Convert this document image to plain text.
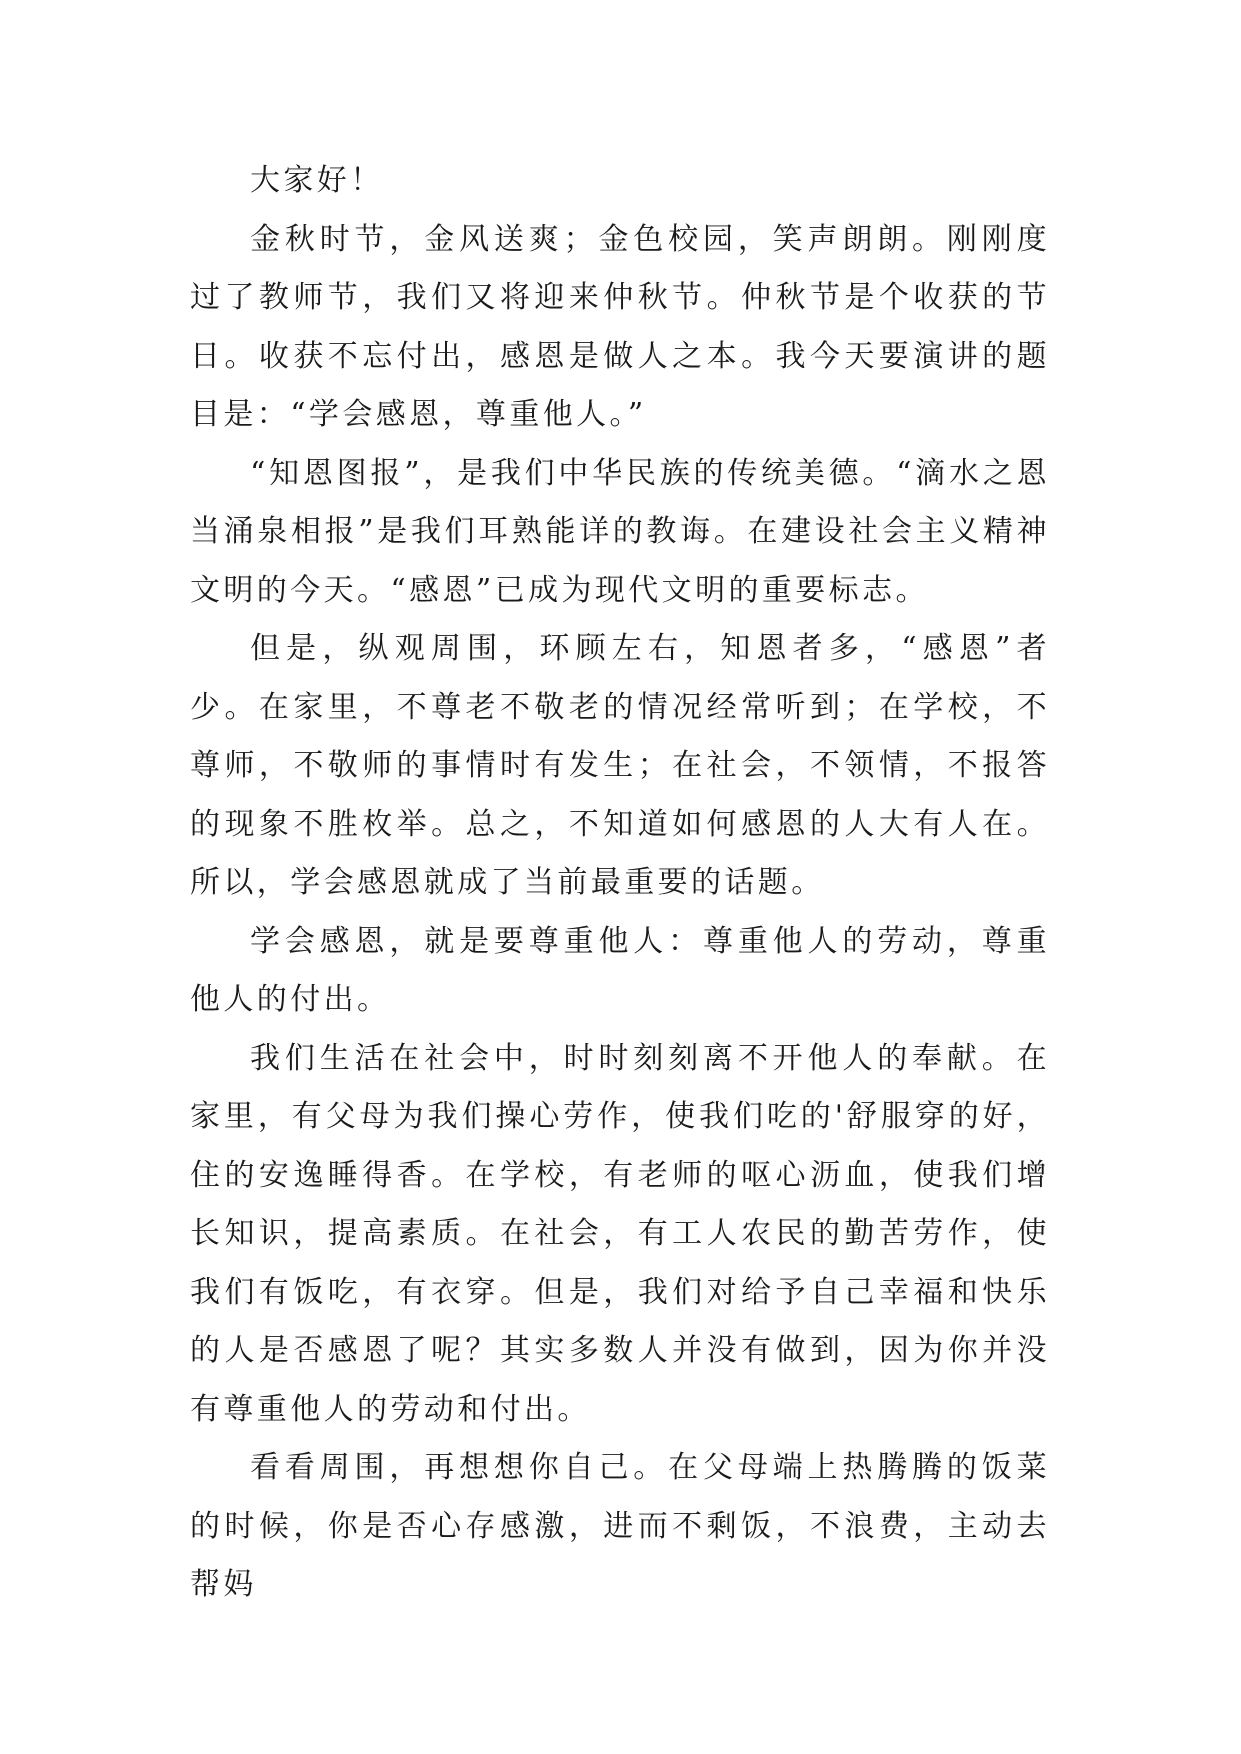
大家好！

金秋时节，金风送爽；金色校园，笑声朗朗。刚刚度过了教师节，我们又将迎来仲秋节。仲秋节是个收获的节日。收获不忘付出，感恩是做人之本。我今天要演讲的题目是：“学会感恩，尊重他人。”

“知恩图报”，是我们中华民族的传统美德。“滴水之恩当涌泉相报”是我们耳熟能详的教诲。在建设社会主义精神文明的今天。“感恩”已成为现代文明的重要标志。

但是，纵观周围，环顾左右，知恩者多，“感恩”者少。在家里，不尊老不敬老的情况经常听到；在学校，不尊师，不敬师的事情时有发生；在社会，不领情，不报答的现象不胜枚举。总之，不知道如何感恩的人大有人在。所以，学会感恩就成了当前最重要的话题。

学会感恩，就是要尊重他人：尊重他人的劳动，尊重他人的付出。

我们生活在社会中，时时刻刻离不开他人的奉献。在家里，有父母为我们操心劳作，使我们吃的'舒服穿的好，住的安逸睡得香。在学校，有老师的呕心沥血，使我们增长知识，提高素质。在社会，有工人农民的勤苦劳作，使我们有饭吃，有衣穿。但是，我们对给予自己幸福和快乐的人是否感恩了呢？其实多数人并没有做到，因为你并没有尊重他人的劳动和付出。

看看周围，再想想你自己。在父母端上热腾腾的饭菜的时候，你是否心存感激，进而不剩饭，不浪费，主动去帮妈
